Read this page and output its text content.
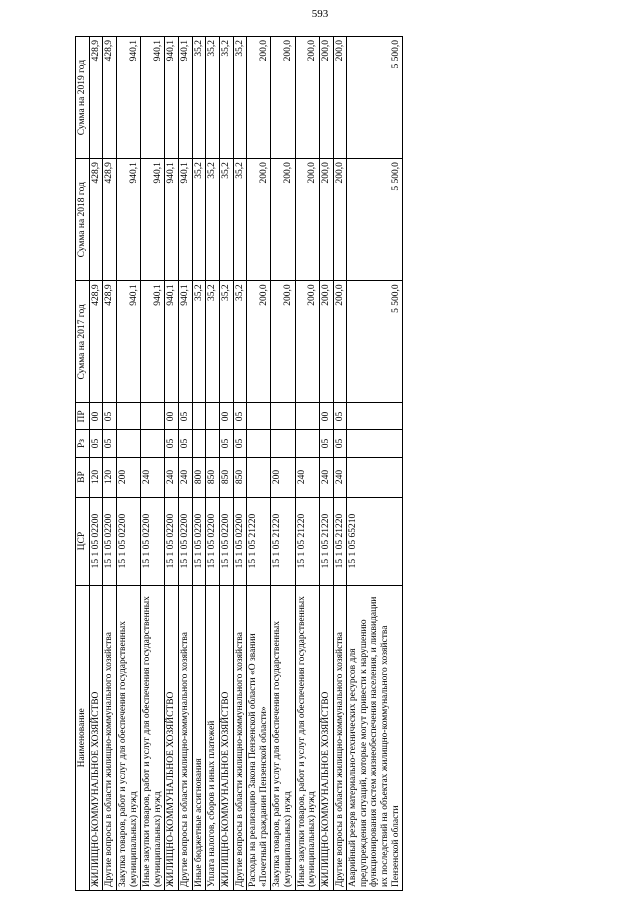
593
Наименование	ЦСР	ВР	Рз	ПР	Сумма на 2017 год	Сумма на 2018 год	Сумма на 2019 год
ЖИЛИЩНО-КОММУНАЛЬНОЕ ХОЗЯЙСТВО	15 1 05 02200	120	05	00	428,9	428,9	428,9
Другие вопросы в области жилищно-коммунального хозяйства	15 1 05 02200	120	05	05	428,9	428,9	428,9
Закупка товаров, работ и услуг для обеспечения государственных (муниципальных) нужд	15 1 05 02200	200			940,1	940,1	940,1
Иные закупки товаров, работ и услуг для обеспечения государственных (муниципальных) нужд	15 1 05 02200	240			940,1	940,1	940,1
ЖИЛИЩНО-КОММУНАЛЬНОЕ ХОЗЯЙСТВО	15 1 05 02200	240	05	00	940,1	940,1	940,1
Другие вопросы в области жилищно-коммунального хозяйства	15 1 05 02200	240	05	05	940,1	940,1	940,1
Иные бюджетные ассигнования	15 1 05 02200	800			35,2	35,2	35,2
Уплата налогов, сборов и иных платежей	15 1 05 02200	850			35,2	35,2	35,2
ЖИЛИЩНО-КОММУНАЛЬНОЕ ХОЗЯЙСТВО	15 1 05 02200	850	05	00	35,2	35,2	35,2
Другие вопросы в области жилищно-коммунального хозяйства	15 1 05 02200	850	05	05	35,2	35,2	35,2
Расходы на реализацию Закона Пензенской области «О звании «Почетный гражданин Пензенской области»	15 1 05 21220				200,0	200,0	200,0
Закупка товаров, работ и услуг для обеспечения государственных (муниципальных) нужд	15 1 05 21220	200			200,0	200,0	200,0
Иные закупки товаров, работ и услуг для обеспечения государственных (муниципальных) нужд	15 1 05 21220	240			200,0	200,0	200,0
ЖИЛИЩНО-КОММУНАЛЬНОЕ ХОЗЯЙСТВО	15 1 05 21220	240	05	00	200,0	200,0	200,0
Другие вопросы в области жилищно-коммунального хозяйства	15 1 05 21220	240	05	05	200,0	200,0	200,0
Аварийный резерв материально-технических ресурсов для предупреждения ситуаций, которые могут привести к нарушению функционирования систем жизнеобеспечения населения, и ликвидации их последствий на объектах жилищно-коммунального хозяйства Пензенской области	15 1 05 65210				5 500,0	5 500,0	5 500,0
